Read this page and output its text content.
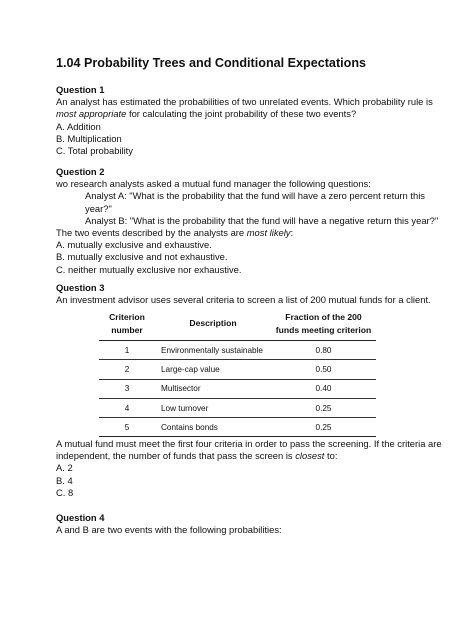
1.04 Probability Trees and Conditional Expectations

Question 1

An analyst has estimated the probabilities of two unrelated events. Which probability rule is

most appropriate for calculating the joint probability of these two events?

A. Addition

B. Multiplication

C. Total probability

Question 2

wo research analysts asked a mutual fund manager the following questions:

Analyst A: "What is the probability that the fund will have a zero percent return this

year?"

Analyst B: "What is the probability that the fund will have a negative return this year?"

The two events described by the analysts are most likely:

A. mutually exclusive and exhaustive.

B. mutually exclusive and not exhaustive.

C. neither mutually exclusive nor exhaustive.

Question 3

An investment advisor uses several criteria to screen a list of 200 mutual funds for a client.

Criterion
number	Description	Fraction of the 200
funds meeting criterion
1	Environmentally sustainable	0.80
2	Large-cap value	0.50
3	Multisector	0.40
4	Low turnover	0.25
5	Contains bonds	0.25

A mutual fund must meet the first four criteria in order to pass the screening. If the criteria are

independent, the number of funds that pass the screen is closest to:

A. 2

B. 4

C. 8

Question 4

A and B are two events with the following probabilities:
